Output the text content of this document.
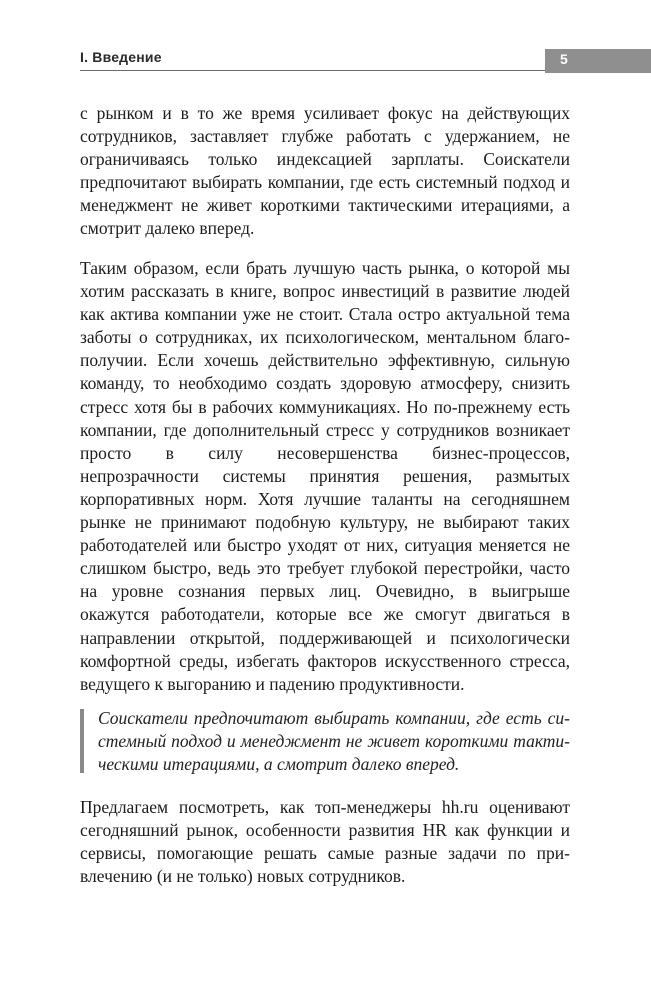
I. Введение	5

с рынком и в то же время усиливает фокус на действующих сотрудников, заставляет глубже работать с удержанием, не ограничиваясь только индексацией зарплаты. Соискатели предпочитают выбирать компании, где есть системный подход и менеджмент не живет короткими тактическими итерациями, а смотрит далеко вперед.

Таким образом, если брать лучшую часть рынка, о которой мы хотим рассказать в книге, вопрос инвестиций в развитие людей как актива компании уже не стоит. Стала остро актуальной тема заботы о сотрудниках, их психологическом, ментальном благополучии. Если хочешь действительно эффективную, сильную команду, то необходимо создать здоровую атмосферу, снизить стресс хотя бы в рабочих коммуникациях. Но по-прежнему есть компании, где дополнительный стресс у сотрудников возникает просто в силу несовершенства бизнес-процессов, непрозрачности системы принятия решения, размытых корпоративных норм. Хотя лучшие таланты на сегодняшнем рынке не принимают подобную культуру, не выбирают таких работодателей или быстро уходят от них, ситуация меняется не слишком быстро, ведь это требует глубокой перестройки, часто на уровне сознания первых лиц. Очевидно, в выигрыше окажутся работодатели, которые все же смогут двигаться в направлении открытой, поддерживающей и психологически комфортной среды, избегать факторов искусственного стресса, ведущего к выгоранию и падению продуктивности.

Соискатели предпочитают выбирать компании, где есть системный подход и менеджмент не живет короткими тактическими итерациями, а смотрит далеко вперед.

Предлагаем посмотреть, как топ-менеджеры hh.ru оценивают сегодняшний рынок, особенности развития HR как функции и сервисы, помогающие решать самые разные задачи по привлечению (и не только) новых сотрудников.
